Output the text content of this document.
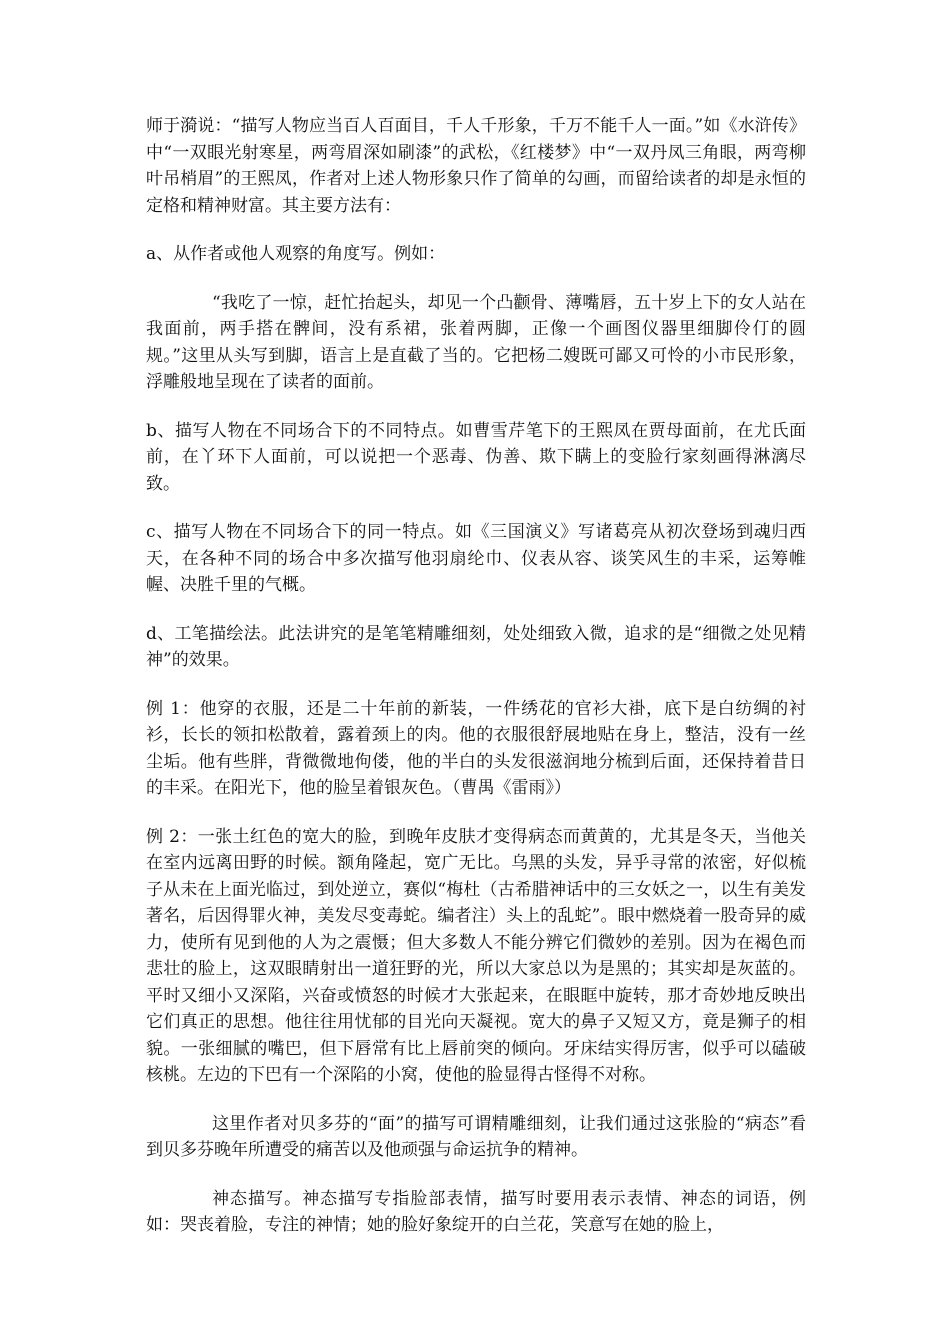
师于漪说：“描写人物应当百人百面目，千人千形象，千万不能千人一面。”如《水浒传》中“一双眼光射寒星，两弯眉深如刷漆”的武松，《红楼梦》中“一双丹凤三角眼，两弯柳叶吊梢眉”的王熙凤，作者对上述人物形象只作了简单的勾画，而留给读者的却是永恒的定格和精神财富。其主要方法有：

a、从作者或他人观察的角度写。例如：

“我吃了一惊，赶忙抬起头，却见一个凸颧骨、薄嘴唇，五十岁上下的女人站在我面前，两手搭在髀间，没有系裙，张着两脚，正像一个画图仪器里细脚伶仃的圆规。”这里从头写到脚，语言上是直截了当的。它把杨二嫂既可鄙又可怜的小市民形象，浮雕般地呈现在了读者的面前。

b、描写人物在不同场合下的不同特点。如曹雪芹笔下的王熙凤在贾母面前，在尤氏面前，在丫环下人面前，可以说把一个恶毒、伪善、欺下瞒上的变脸行家刻画得淋漓尽致。

c、描写人物在不同场合下的同一特点。如《三国演义》写诸葛亮从初次登场到魂归西天，在各种不同的场合中多次描写他羽扇纶巾、仪表从容、谈笑风生的丰采，运筹帷幄、决胜千里的气概。

d、工笔描绘法。此法讲究的是笔笔精雕细刻，处处细致入微，追求的是“细微之处见精神”的效果。

例 1：他穿的衣服，还是二十年前的新装，一件绣花的官衫大褂，底下是白纺绸的衬衫，长长的领扣松散着，露着颈上的肉。他的衣服很舒展地贴在身上，整洁，没有一丝尘垢。他有些胖，背微微地佝偻，他的半白的头发很滋润地分梳到后面，还保持着昔日的丰采。在阳光下，他的脸呈着银灰色。（曹禺《雷雨》）

例 2：一张土红色的宽大的脸，到晚年皮肤才变得病态而黄黄的，尤其是冬天，当他关在室内远离田野的时候。额角隆起，宽广无比。乌黑的头发，异乎寻常的浓密，好似梳子从未在上面光临过，到处逆立，赛似“梅杜（古希腊神话中的三女妖之一，以生有美发著名，后因得罪火神，美发尽变毒蛇。编者注）头上的乱蛇”。眼中燃烧着一股奇异的威力，使所有见到他的人为之震慑；但大多数人不能分辨它们微妙的差别。因为在褐色而悲壮的脸上，这双眼睛射出一道狂野的光，所以大家总以为是黑的；其实却是灰蓝的。平时又细小又深陷，兴奋或愤怒的时候才大张起来，在眼眶中旋转，那才奇妙地反映出它们真正的思想。他往往用忧郁的目光向天凝视。宽大的鼻子又短又方，竟是狮子的相貌。一张细腻的嘴巴，但下唇常有比上唇前突的倾向。牙床结实得厉害，似乎可以磕破核桃。左边的下巴有一个深陷的小窝，使他的脸显得古怪得不对称。

这里作者对贝多芬的“面”的描写可谓精雕细刻，让我们通过这张脸的“病态”看到贝多芬晚年所遭受的痛苦以及他顽强与命运抗争的精神。

神态描写。神态描写专指脸部表情，描写时要用表示表情、神态的词语，例如：哭丧着脸，专注的神情；她的脸好象绽开的白兰花，笑意写在她的脸上，
